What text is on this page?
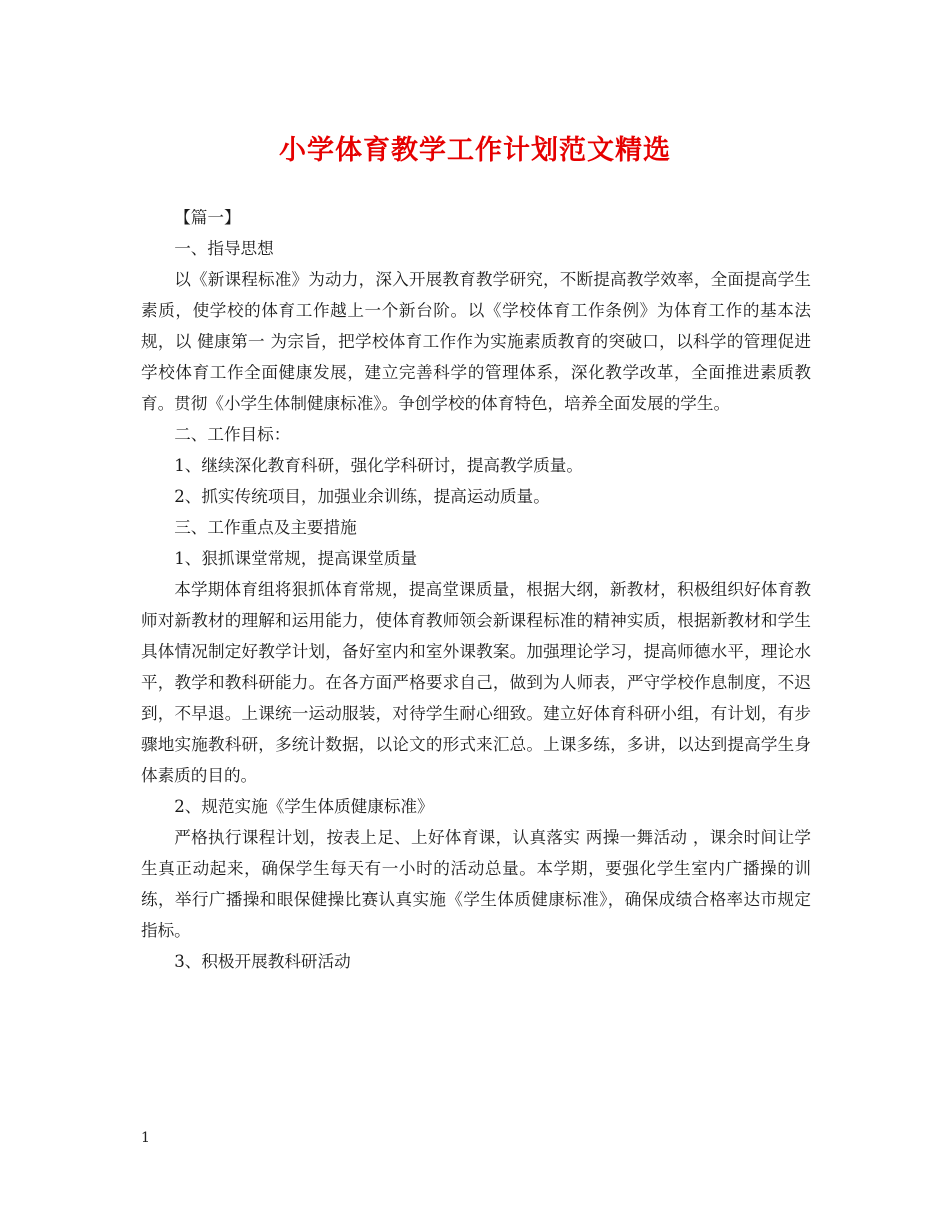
小学体育教学工作计划范文精选

【篇一】

一、指导思想

以《新课程标准》为动力，深入开展教育教学研究，不断提高教学效率，全面提高学生素质，使学校的体育工作越上一个新台阶。以《学校体育工作条例》为体育工作的基本法规，以 健康第一 为宗旨，把学校体育工作作为实施素质教育的突破口，以科学的管理促进学校体育工作全面健康发展，建立完善科学的管理体系，深化教学改革，全面推进素质教育。贯彻《小学生体制健康标准》。争创学校的体育特色，培养全面发展的学生。

二、工作目标：

1、继续深化教育科研，强化学科研讨，提高教学质量。

2、抓实传统项目，加强业余训练，提高运动质量。

三、工作重点及主要措施

1、狠抓课堂常规，提高课堂质量

本学期体育组将狠抓体育常规，提高堂课质量，根据大纲，新教材，积极组织好体育教师对新教材的理解和运用能力，使体育教师领会新课程标准的精神实质，根据新教材和学生具体情况制定好教学计划，备好室内和室外课教案。加强理论学习，提高师德水平，理论水平，教学和教科研能力。在各方面严格要求自己，做到为人师表，严守学校作息制度，不迟到，不早退。上课统一运动服装，对待学生耐心细致。建立好体育科研小组，有计划，有步骤地实施教科研，多统计数据，以论文的形式来汇总。上课多练，多讲，以达到提高学生身体素质的目的。

2、规范实施《学生体质健康标准》

严格执行课程计划，按表上足、上好体育课，认真落实 两操一舞活动 ，课余时间让学生真正动起来，确保学生每天有一小时的活动总量。本学期，要强化学生室内广播操的训练，举行广播操和眼保健操比赛认真实施《学生体质健康标准》，确保成绩合格率达市规定指标。

3、积极开展教科研活动

1
